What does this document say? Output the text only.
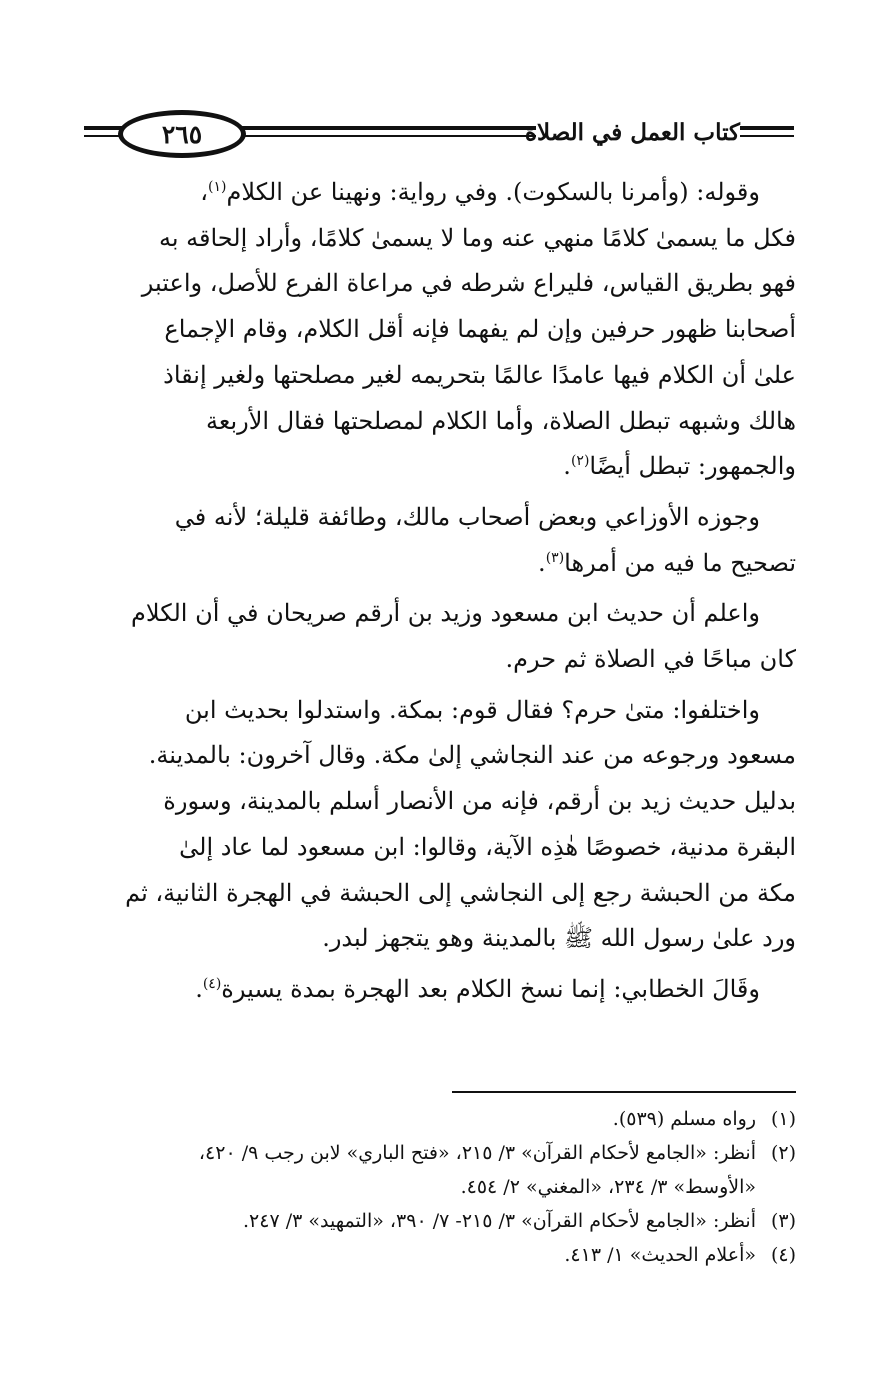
كتاب العمل في الصلاة
٢٦٥
وقوله: (وأمرنا بالسكوت). وفي رواية: ونهينا عن الكلام$^{(١)}$،
فكل ما يسمىٰ كلامًا منهي عنه وما لا يسمىٰ كلامًا، وأراد إلحاقه به
فهو بطريق القياس، فليراع شرطه في مراعاة الفرع للأصل، واعتبر
أصحابنا ظهور حرفين وإن لم يفهما فإنه أقل الكلام، وقام الإجماع
علىٰ أن الكلام فيها عامدًا عالمًا بتحريمه لغير مصلحتها ولغير إنقاذ
هالك وشبهه تبطل الصلاة، وأما الكلام لمصلحتها فقال الأربعة
والجمهور: تبطل أيضًا$^{(٢)}$.
وجوزه الأوزاعي وبعض أصحاب مالك، وطائفة قليلة؛ لأنه في
تصحيح ما فيه من أمرها$^{(٣)}$.
واعلم أن حديث ابن مسعود وزيد بن أرقم صريحان في أن الكلام
كان مباحًا في الصلاة ثم حرم.
واختلفوا: متىٰ حرم؟ فقال قوم: بمكة. واستدلوا بحديث ابن
مسعود ورجوعه من عند النجاشي إلىٰ مكة. وقال آخرون: بالمدينة.
بدليل حديث زيد بن أرقم، فإنه من الأنصار أسلم بالمدينة، وسورة
البقرة مدنية، خصوصًا هٰذِه الآية، وقالوا: ابن مسعود لما عاد إلىٰ
مكة من الحبشة رجع إلى النجاشي إلى الحبشة في الهجرة الثانية، ثم
ورد علىٰ رسول الله ﷺ بالمدينة وهو يتجهز لبدر.
وقَالَ الخطابي: إنما نسخ الكلام بعد الهجرة بمدة يسيرة$^{(٤)}$.
(١)رواه مسلم (٥٣٩).
(٢)أنظر: «الجامع لأحكام القرآن» ٣/ ٢١٥، «فتح الباري» لابن رجب ٩/ ٤٢٠،
«الأوسط» ٣/ ٢٣٤، «المغني» ٢/ ٤٥٤.
(٣)أنظر: «الجامع لأحكام القرآن» ٣/ ٢١٥- ٧/ ٣٩٠، «التمهيد» ٣/ ٢٤٧.
(٤)«أعلام الحديث» ١/ ٤١٣.
